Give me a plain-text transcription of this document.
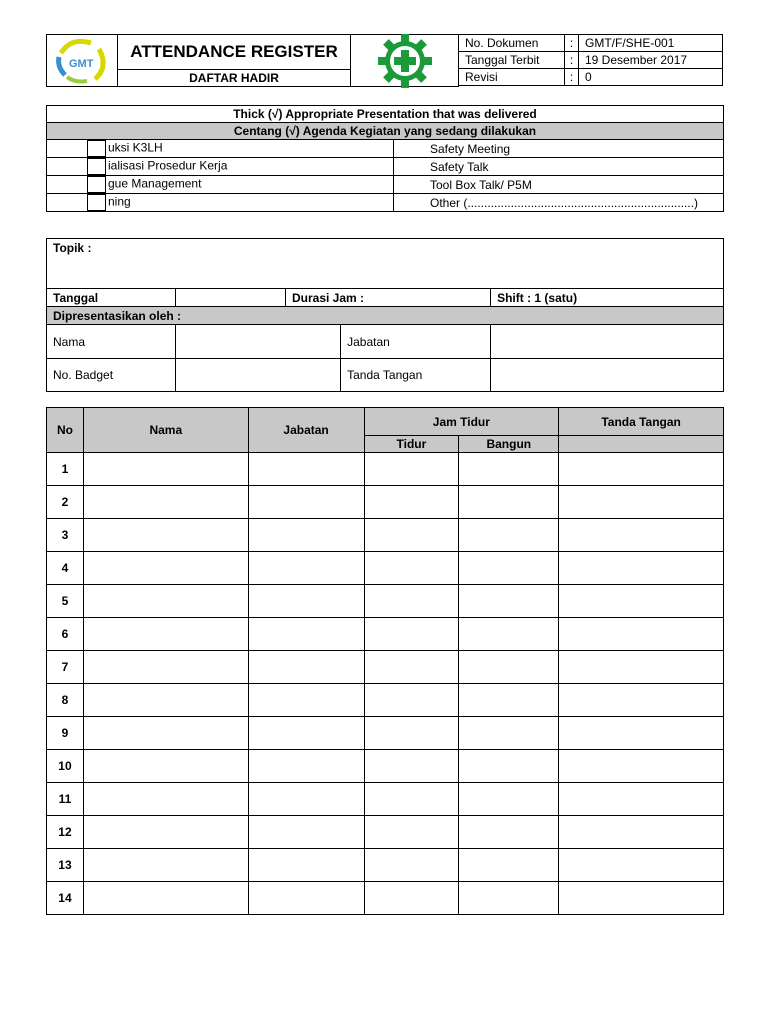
GMT
ATTENDANCE REGISTER
DAFTAR HADIR
No. Dokumen	:	GMT/F/SHE-001
Tanggal Terbit	:	19 Desember 2017
Revisi	:	0
Thick (√) Appropriate Presentation that was delivered	
Centang (√) Agenda Kegiatan yang sedang dilakukan	
uksi K3LH	Safety Meeting
ialisasi Prosedur Kerja	Safety Talk
gue Management	Tool Box Talk/ P5M
ning	Other (....................................................................)
Topik :				
Tanggal		Durasi Jam :		Shift : 1 (satu)
Dipresentasikan oleh :				
Nama			Jabatan	
No. Badget			Tanda Tangan	
No	Nama	Jabatan	Jam Tidur		Tanda Tangan
			Tidur	Bangun	
1					
2					
3					
4					
5					
6					
7					
8					
9					
10					
11					
12					
13					
14					
